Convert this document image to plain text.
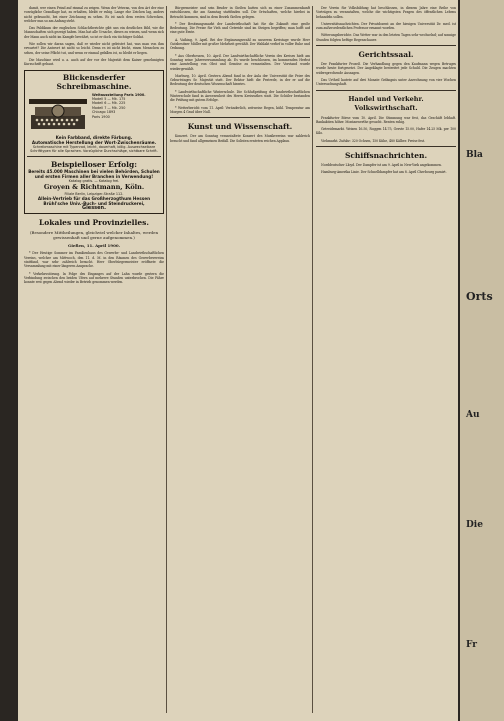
damit, wer einen Feind auf einmal zu zeigen. Wenn der Veteran, von den Art der eine vorzügliche Grandlage hat, zu erhalten, bleibt er ruhig. Lange ehe Zeichen lag, anders nicht gebraucht, bei einer Zeichnung zu sehen. Es ist nach dem ersten Schrecken, welcher nun so am Anfang steht.

Das Publikum der englischen Schlachtberichte gibt uns ein deutliches Bild, wie die Mannschaften sich gezeigt haben. Man hat alle Ursache, dieses zu wissen, und wenn sich der Mann auch nicht im Kampfe bewährt, so ist er doch ein tüchtiger Soldat.

Wie sollen wir daran sagen, daß er wieder nicht geleistet hat, was man von ihm erwartet? Die Antwort ist nicht so leicht. Denn es ist nicht leicht, einen Menschen zu sehen, der seine Pflicht tut, und wenn er einmal gefallen ist, so bleibt er liegen.

Die Maschine wird u. a. auch auf der vor der Majestät dem Kaiser genehmigten Kurzschrift gebaut.

Blickensderfer Schreibmaschine.
Weltausstellung Paris 1900.
Modell 5 — Mk. 175
Modell 6 — Mk. 225
Modell 7 — Mk. 250
Chicago 1893
Paris 1900
Kein Farbband, direkte Färbung.
Automatische Herstellung der Wort-Zwischenräume.
Schreibmaschine mit Typenrad, leicht, dauerhaft, billig. Auswechselbare Schrifttypen für alle Sprachen. Vorzügliche Durchschläge, sichtbare Schrift.
Beispielloser Erfolg:
Bereits 45.000 Maschinen bei vielen Behörden, Schulen und ersten Firmen aller Branchen in Verwendung!
Katalog gratis. — Katalog frei.
Groyen & Richtmann, Köln.
Filiale Berlin, Leipziger-Straße 112.
Allein-Vertrieb für das Großherzogthum Hessen
Brühl'sche Univ.-Buch- und Steindruckerei,
Giessen.
Lokales und Provinzielles.
(Besondere Mittheilungen, gleichviel welcher Inhaltes, werden gewissenhaft und gerne aufgenommen.)
Gießen, 11. April 1900.

* Der Heutige Sommer im Familienhaus des Gewerbe- und Landwirthschaftlichen Vereins, welcher am Mittwoch, den 11. d. M. in den Räumen des Gewerbevereins stattfand, war sehr zahlreich besucht. Herr Oberbürgermeister eröffnete die Versammlung mit einer längeren Ansprache.

* Verkehrsstörung. In Folge des Eisganges auf der Lahn wurde gestern die Verbindung zwischen den beiden Ufern auf mehrere Stunden unterbrochen. Die Fähre konnte erst gegen Abend wieder in Betrieb genommen werden.

Bürgermeister und sein Bruder in Gießen hatten sich zu einer Zusammenkunft entschlossen, die am Samstag stattfinden soll. Die Ortschaften, welche hierbei in Betracht kommen, sind in dem Bezirk Gießen gelegen.

* Der Besitzungsmarkt der Landwirthschaft hat für die Zukunft eine große Bedeutung. Die Preise für Vieh und Getreide sind im Steigen begriffen; man hofft auf eine gute Ernte.

A. Vaihing, 9. April. Bei der Ergänzungswahl zu unserem Kreistage wurde Herr Gutsbesitzer Müller mit großer Mehrheit gewählt. Der Wahlakt verlief in voller Ruhe und Ordnung.

* Aus Oberhessen, 10. April. Der Landwirthschaftliche Verein des Kreises hielt am Sonntag seine Jahresversammlung ab. Es wurde beschlossen, im kommenden Herbst eine Ausstellung von Obst und Gemüse zu veranstalten. Der Vorstand wurde wiedergewählt.

Marburg, 10. April. Gestern Abend fand in der Aula der Universität die Feier des Geburtstages Sr. Majestät statt. Der Rektor hielt die Festrede, in der er auf die Bedeutung der deutschen Wissenschaft hinwies.

* Landwirthschaftliche Winterschule. Die Schlußprüfung der landwirthschaftlichen Winterschule fand in Anwesenheit des Herrn Kreisrathes statt. Die Schüler bestanden die Prüfung mit gutem Erfolge.

* Wetterbericht vom 11. April: Veränderlich, zeitweise Regen, kühl. Temperatur am Morgen 4 Grad über Null.

Kunst und Wissenschaft.

Konzert. Der am Sonntag veranstaltete Konzert des Musikvereins war zahlreich besucht und fand allgemeinen Beifall. Die Solisten ernteten reichen Applaus.

Der Verein für Volksbildung hat beschlossen, in diesem Jahre eine Reihe von Vorträgen zu veranstalten, welche die wichtigsten Fragen des öffentlichen Lebens behandeln sollen.

Universitätsnachrichten. Der Privatdozent an der hiesigen Universität Dr. med. ist zum außerordentlichen Professor ernannt worden.

Witterungsberichte. Das Wetter war in den letzten Tagen sehr wechselnd; auf sonnige Stunden folgten heftige Regenschauer.

Gerichtssaal.

Der Frankfurter Prozeß. Die Verhandlung gegen den Kaufmann wegen Betruges wurde heute fortgesetzt. Der Angeklagte bestreitet jede Schuld. Die Zeugen machten widersprechende Aussagen.

Das Urtheil lautete auf drei Monate Gefängnis unter Anrechnung von vier Wochen Untersuchungshaft.

Handel und Verkehr. Volkswirthschaft.

Frankfurter Börse vom 10. April. Die Stimmung war fest, das Geschäft lebhaft. Bankaktien höher. Montanwerthe gesucht. Renten ruhig.

Getreidemarkt. Weizen 16.50, Roggen 14.75, Gerste 15.00, Hafer 14.25 Mk. per 100 Kilo.

Viehmarkt. Zufuhr: 320 Ochsen, 150 Kühe, 480 Kälber. Preise fest.

Schiffsnachrichten.

Norddeutscher Lloyd. Der Dampfer ist am 9. April in New-York angekommen.

Hamburg-Amerika Linie. Der Schnelldampfer hat am 8. April Cherbourg passirt.

Bla
Orts
Au
Die
Fr
